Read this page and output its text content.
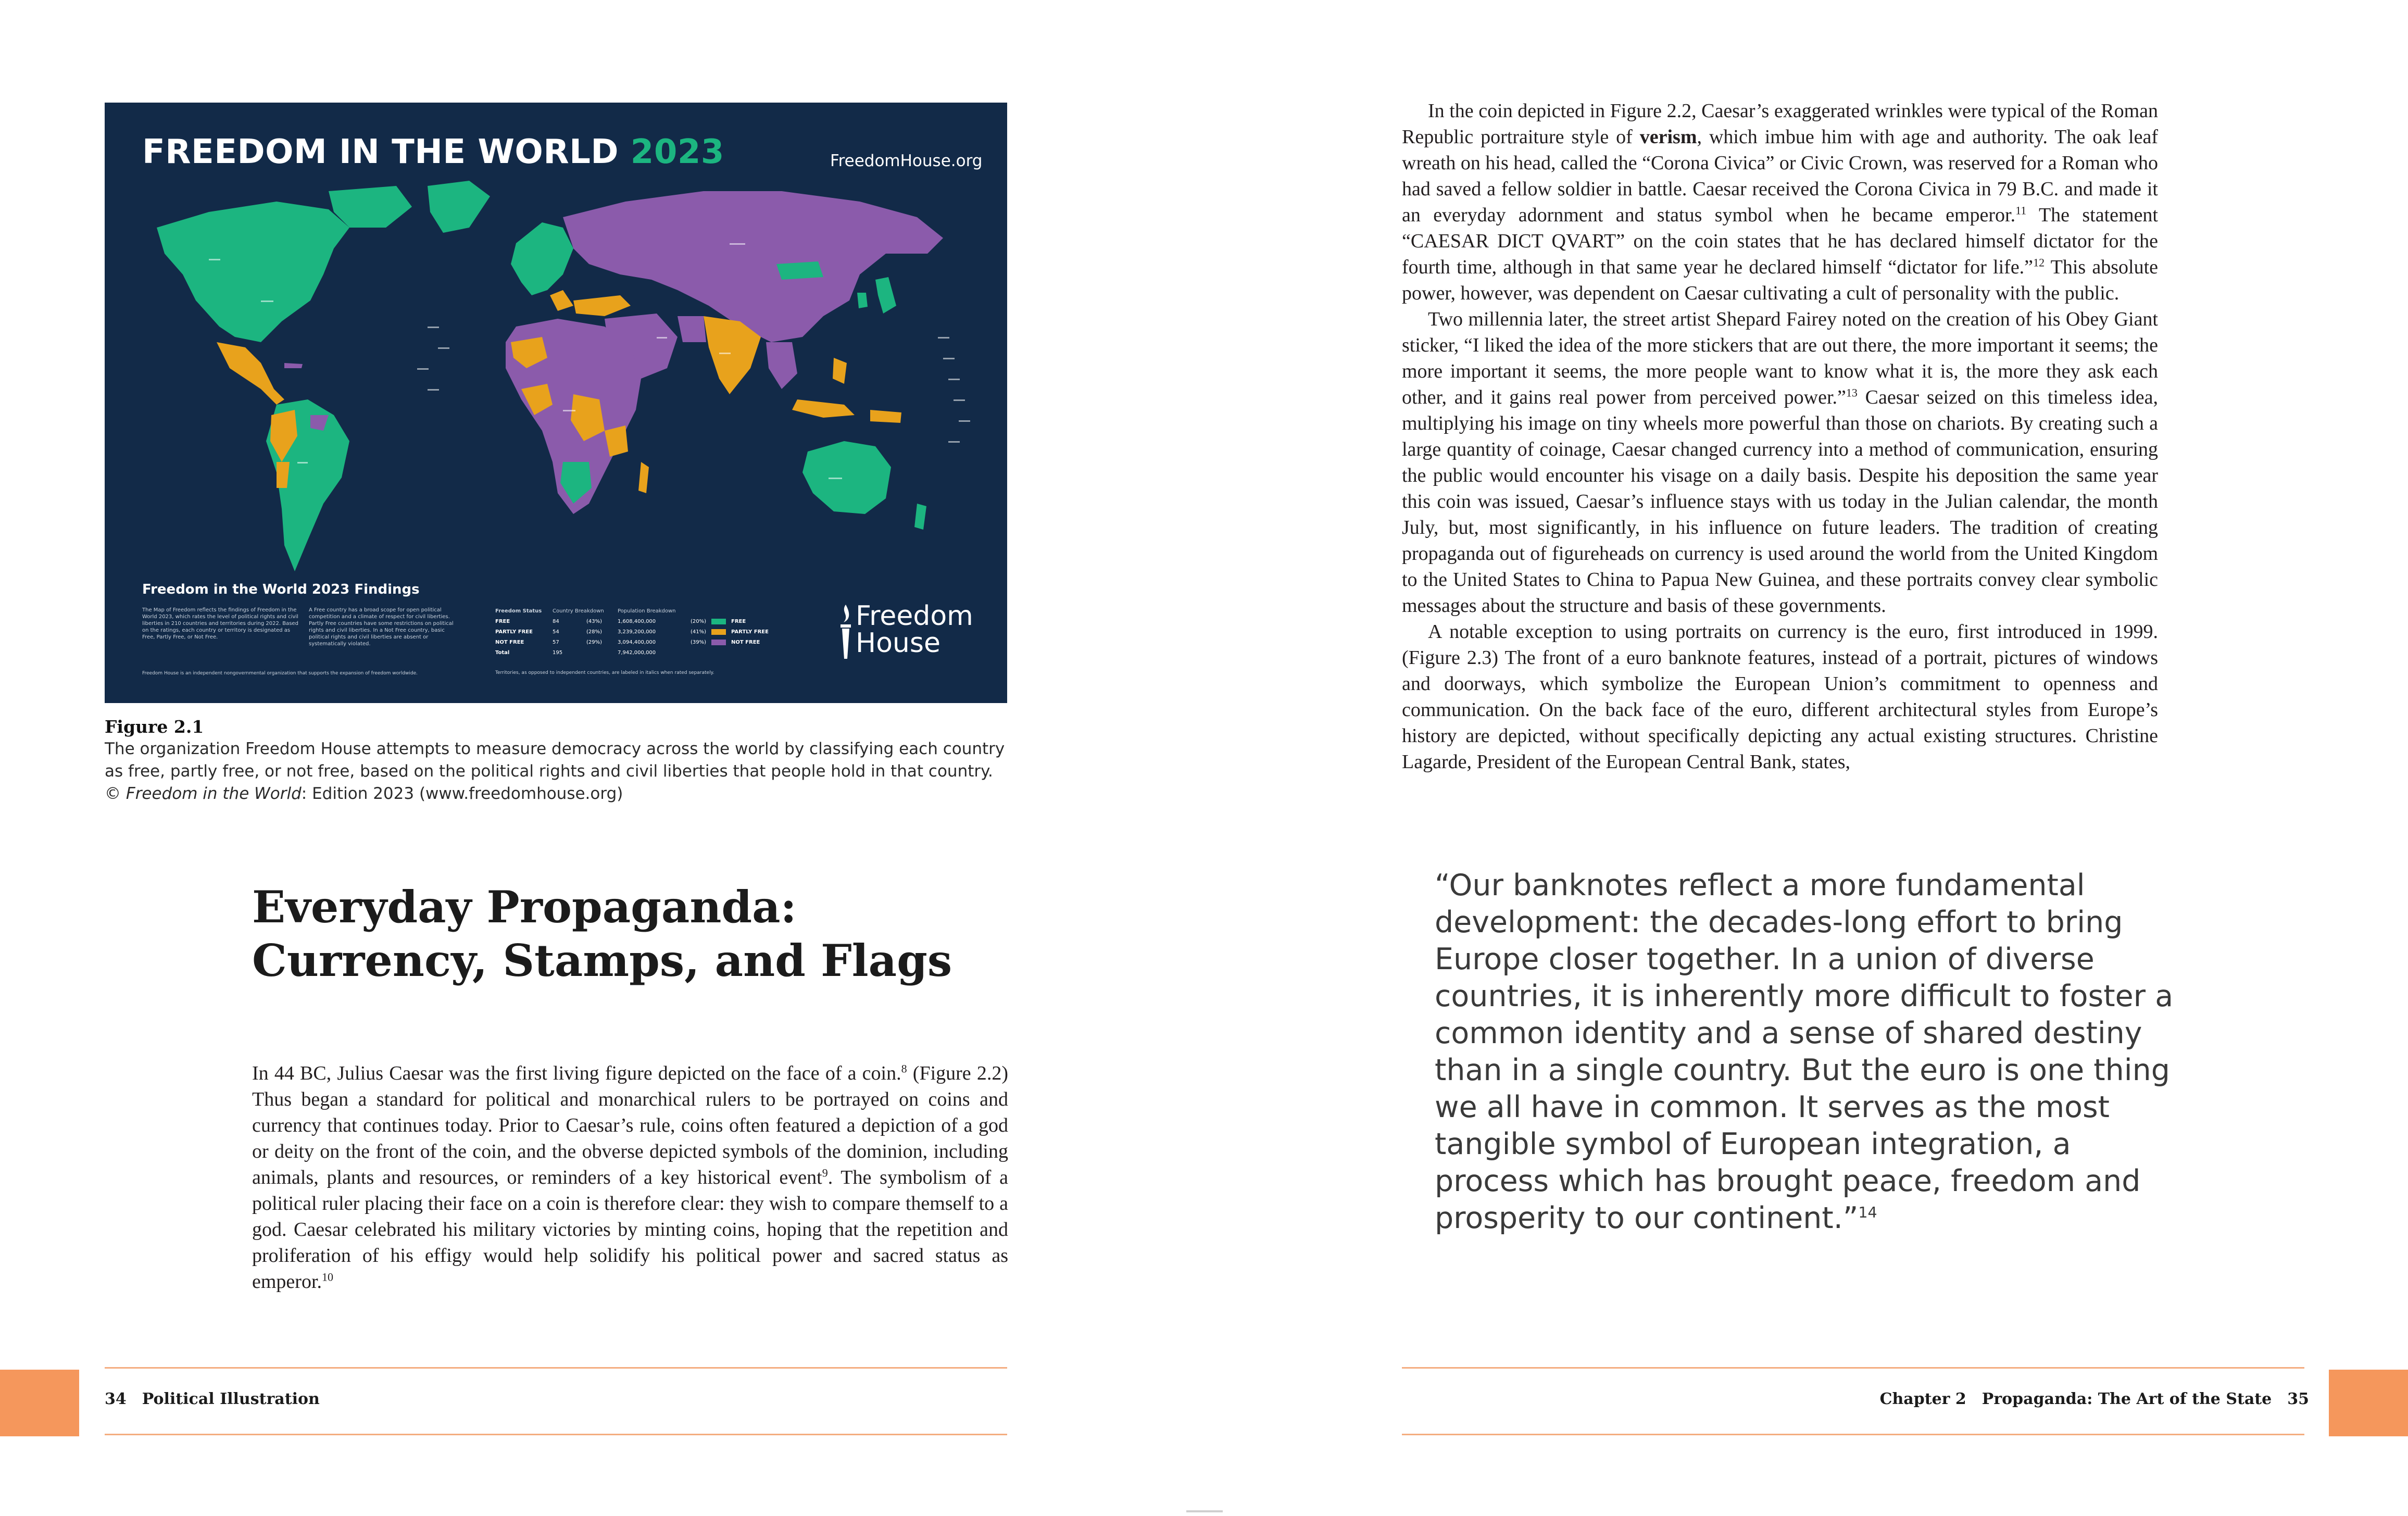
FREEDOM IN THE WORLD 2023	FreedomHouse.org
Freedom in the World 2023 Findings
The Map of Freedom reflects the findings of Freedom in the World 2023, which rates the level of political rights and civil liberties in 210 countries and territories during 2022. Based on the ratings, each country or territory is designated as Free, Partly Free, or Not Free.
A Free country has a broad scope for open political competition and a climate of respect for civil liberties. Partly Free countries have some restrictions on political rights and civil liberties. In a Not Free country, basic political rights and civil liberties are absent or systematically violated.
Freedom House is an independent nongovernmental organization that supports the expansion of freedom worldwide.
Freedom Status	Country Breakdown	Population Breakdown
FREE	84	(43%)	1,608,400,000	(20%)	FREE
PARTLY FREE	54	(28%)	3,239,200,000	(41%)	PARTLY FREE
NOT FREE	57	(29%)	3,094,400,000	(39%)	NOT FREE
Total	195	7,942,000,000
Territories, as opposed to independent countries, are labeled in italics when rated separately.
Freedom
House
Figure 2.1
The organization Freedom House attempts to measure democracy across the world by classifying each country as free, partly free, or not free, based on the political rights and civil liberties that people hold in that country.
© Freedom in the World: Edition 2023 (www.freedomhouse.org)
Everyday Propaganda:
Currency, Stamps, and Flags

In 44 BC, Julius Caesar was the first living figure depicted on the face of a coin.$^8$ (Figure 2.2) Thus began a standard for political and monarchical rulers to be portrayed on coins and currency that continues today. Prior to Caesar’s rule, coins often featured a depiction of a god or deity on the front of the coin, and the obverse depicted symbols of the dominion, including animals, plants and resources, or reminders of a key historical event$^9$. The symbolism of a political ruler placing their face on a coin is therefore clear: they wish to compare themself to a god. Caesar celebrated his military victories by minting coins, hoping that the repetition and proliferation of his effigy would help solidify his political power and sacred status as emperor.$^{10}$

In the coin depicted in Figure 2.2, Caesar’s exaggerated wrinkles were typical of the Roman Republic portraiture style of verism, which imbue him with age and authority. The oak leaf wreath on his head, called the “Corona Civica” or Civic Crown, was reserved for a Roman who had saved a fellow soldier in battle. Caesar received the Corona Civica in 79 B.C. and made it an everyday adornment and status symbol when he became emperor.$^{11}$ The statement “CAESAR DICT QVART” on the coin states that he has declared himself dictator for the fourth time, although in that same year he declared himself “dictator for life.”$^{12}$ This absolute power, however, was dependent on Caesar cultivating a cult of personality with the public.

Two millennia later, the street artist Shepard Fairey noted on the creation of his Obey Giant sticker, “I liked the idea of the more stickers that are out there, the more important it seems; the more important it seems, the more people want to know what it is, the more they ask each other, and it gains real power from perceived power.”$^{13}$ Caesar seized on this timeless idea, multiplying his image on tiny wheels more powerful than those on chariots. By creating such a large quantity of coinage, Caesar changed currency into a method of communication, ensuring the public would encounter his visage on a daily basis. Despite his deposition the same year this coin was issued, Caesar’s influence stays with us today in the Julian calendar, the month July, but, most significantly, in his influence on future leaders. The tradition of creating propaganda out of figureheads on currency is used around the world from the United Kingdom to the United States to China to Papua New Guinea, and these portraits convey clear symbolic messages about the structure and basis of these governments.

A notable exception to using portraits on currency is the euro, first introduced in 1999. (Figure 2.3) The front of a euro banknote features, instead of a portrait, pictures of windows and doorways, which symbolize the European Union’s commitment to openness and communication. On the back face of the euro, different architectural styles from Europe’s history are depicted, without specifically depicting any actual existing structures. Christine Lagarde, President of the European Central Bank, states,

“Our banknotes reflect a more fundamental development: the decades-long effort to bring Europe closer together. In a union of diverse countries, it is inherently more difficult to foster a common identity and a sense of shared destiny than in a single country. But the euro is one thing we all have in common. It serves as the most tangible symbol of European integration, a process which has brought peace, freedom and prosperity to our continent.”$^{14}$
34 Political Illustration	Chapter 2 Propaganda: The Art of the State 35
